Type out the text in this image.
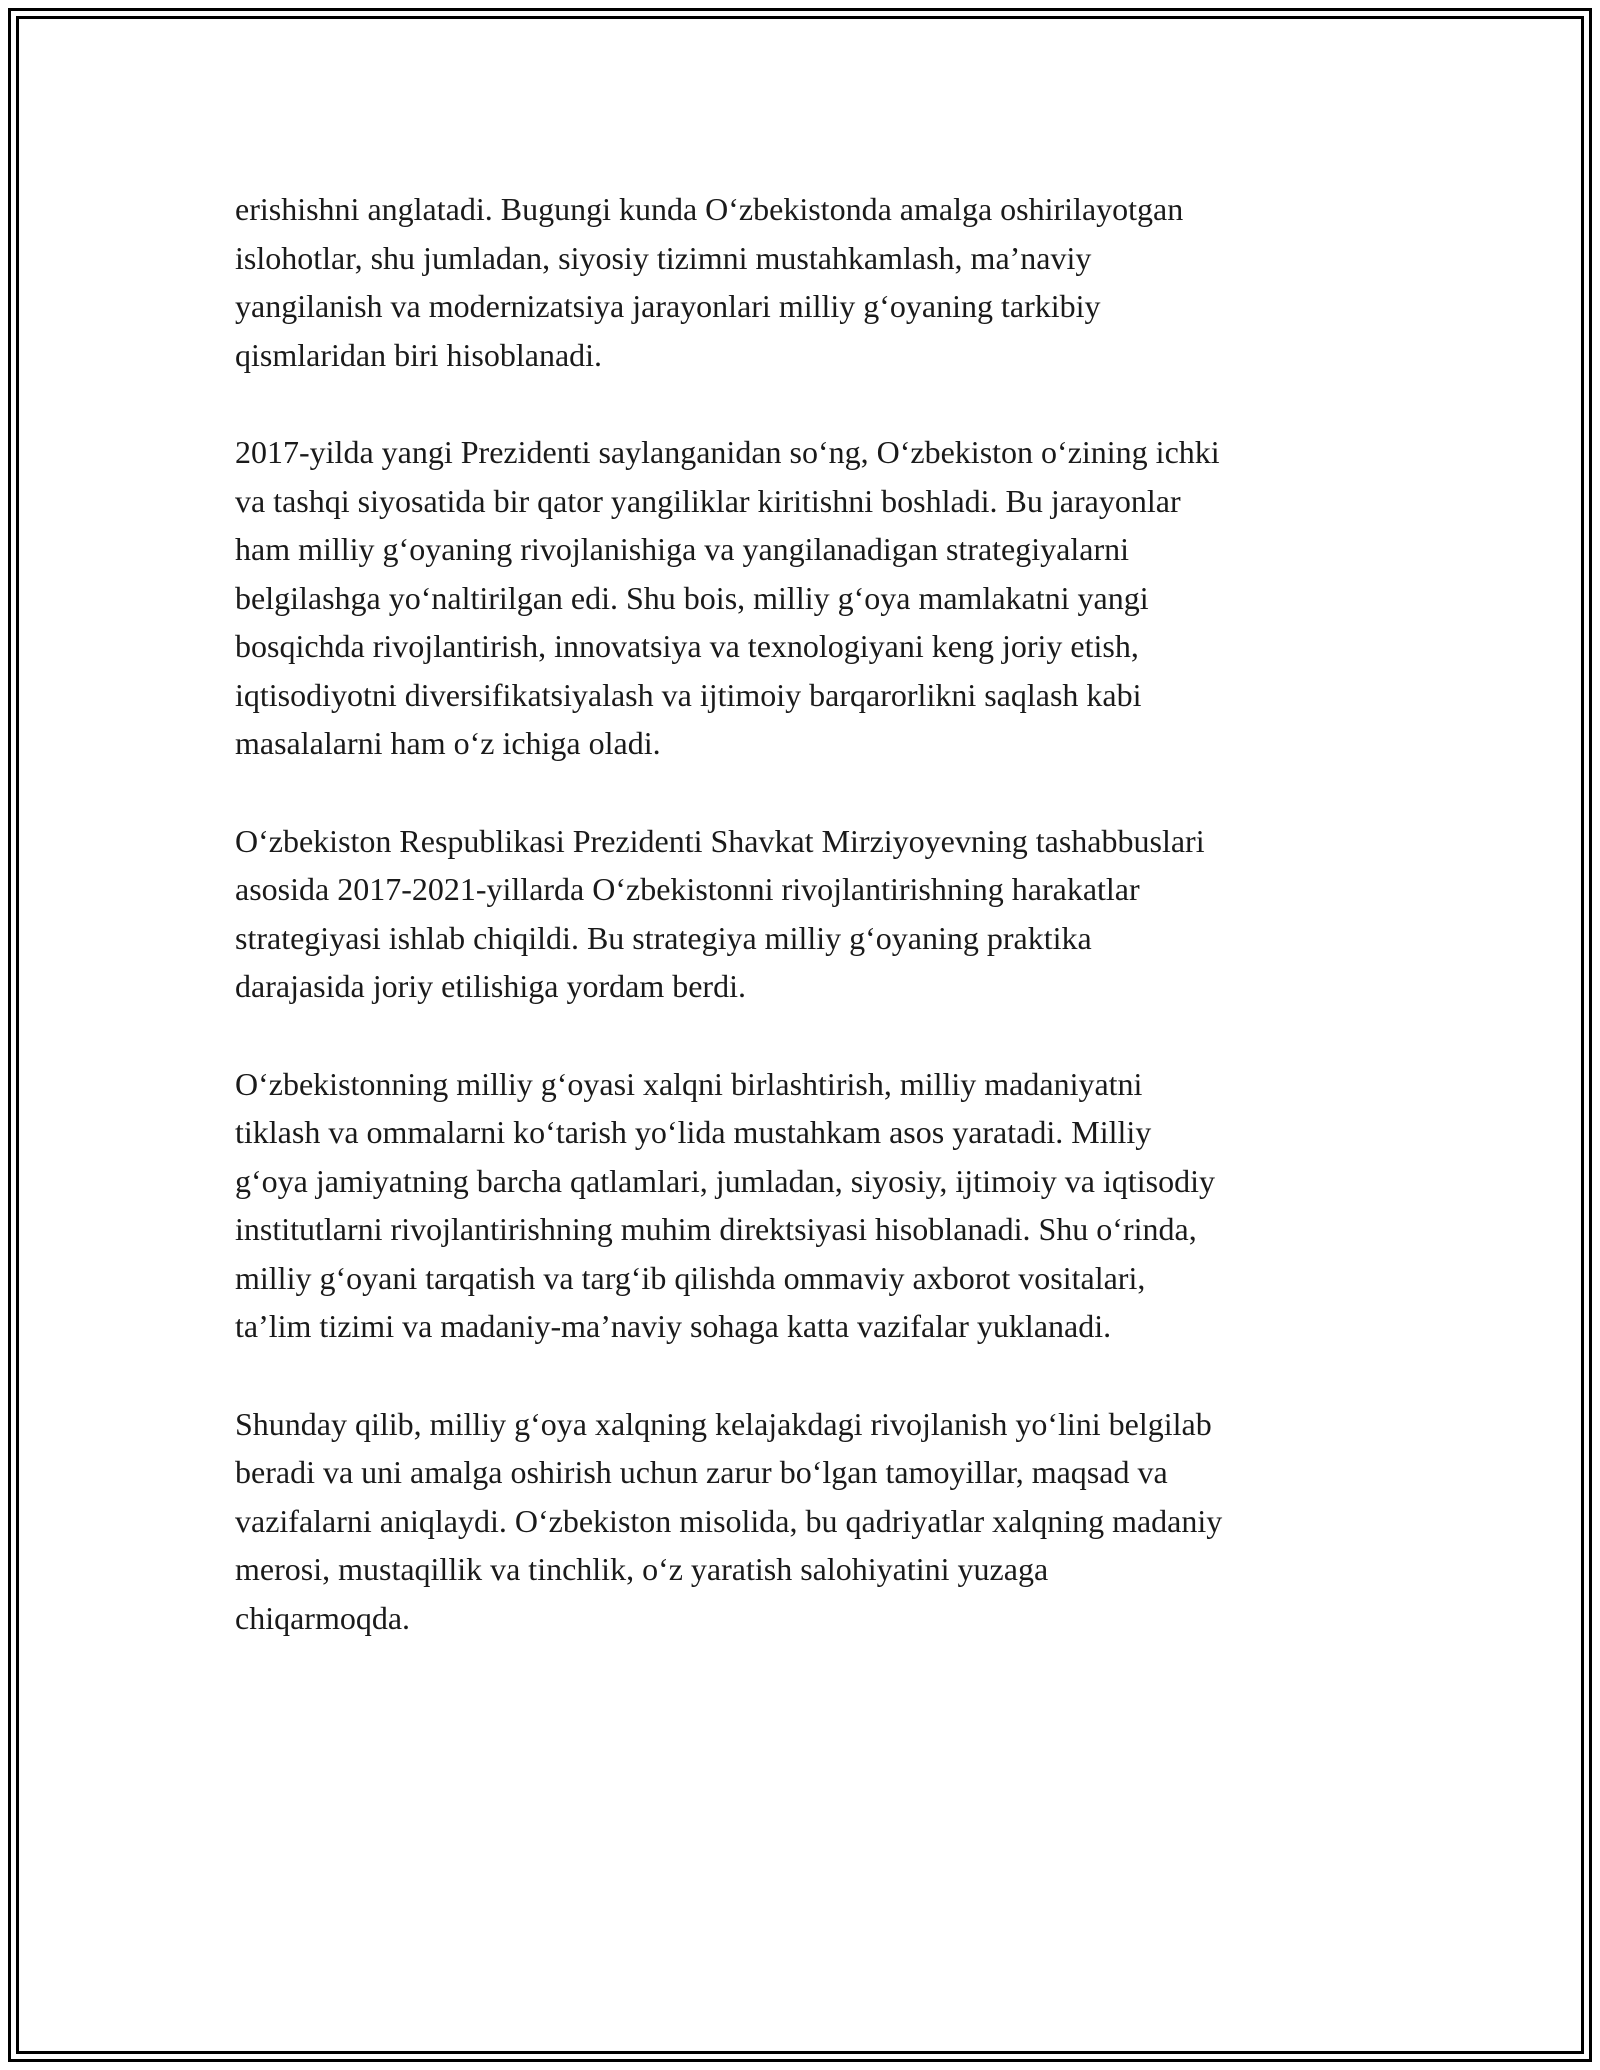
erishishni anglatadi. Bugungi kunda O‘zbekistonda amalga oshirilayotgan
islohotlar, shu jumladan, siyosiy tizimni mustahkamlash, ma’naviy
yangilanish va modernizatsiya jarayonlari milliy g‘oyaning tarkibiy
qismlaridan biri hisoblanadi.

2017-yilda yangi Prezidenti saylanganidan so‘ng, O‘zbekiston o‘zining ichki
va tashqi siyosatida bir qator yangiliklar kiritishni boshladi. Bu jarayonlar
ham milliy g‘oyaning rivojlanishiga va yangilanadigan strategiyalarni
belgilashga yo‘naltirilgan edi. Shu bois, milliy g‘oya mamlakatni yangi
bosqichda rivojlantirish, innovatsiya va texnologiyani keng joriy etish,
iqtisodiyotni diversifikatsiyalash va ijtimoiy barqarorlikni saqlash kabi
masalalarni ham o‘z ichiga oladi.

O‘zbekiston Respublikasi Prezidenti Shavkat Mirziyoyevning tashabbuslari
asosida 2017-2021-yillarda O‘zbekistonni rivojlantirishning harakatlar
strategiyasi ishlab chiqildi. Bu strategiya milliy g‘oyaning praktika
darajasida joriy etilishiga yordam berdi.

O‘zbekistonning milliy g‘oyasi xalqni birlashtirish, milliy madaniyatni
tiklash va ommalarni ko‘tarish yo‘lida mustahkam asos yaratadi. Milliy
g‘oya jamiyatning barcha qatlamlari, jumladan, siyosiy, ijtimoiy va iqtisodiy
institutlarni rivojlantirishning muhim direktsiyasi hisoblanadi. Shu o‘rinda,
milliy g‘oyani tarqatish va targ‘ib qilishda ommaviy axborot vositalari,
ta’lim tizimi va madaniy-ma’naviy sohaga katta vazifalar yuklanadi.

Shunday qilib, milliy g‘oya xalqning kelajakdagi rivojlanish yo‘lini belgilab
beradi va uni amalga oshirish uchun zarur bo‘lgan tamoyillar, maqsad va
vazifalarni aniqlaydi. O‘zbekiston misolida, bu qadriyatlar xalqning madaniy
merosi, mustaqillik va tinchlik, o‘z yaratish salohiyatini yuzaga
chiqarmoqda.
